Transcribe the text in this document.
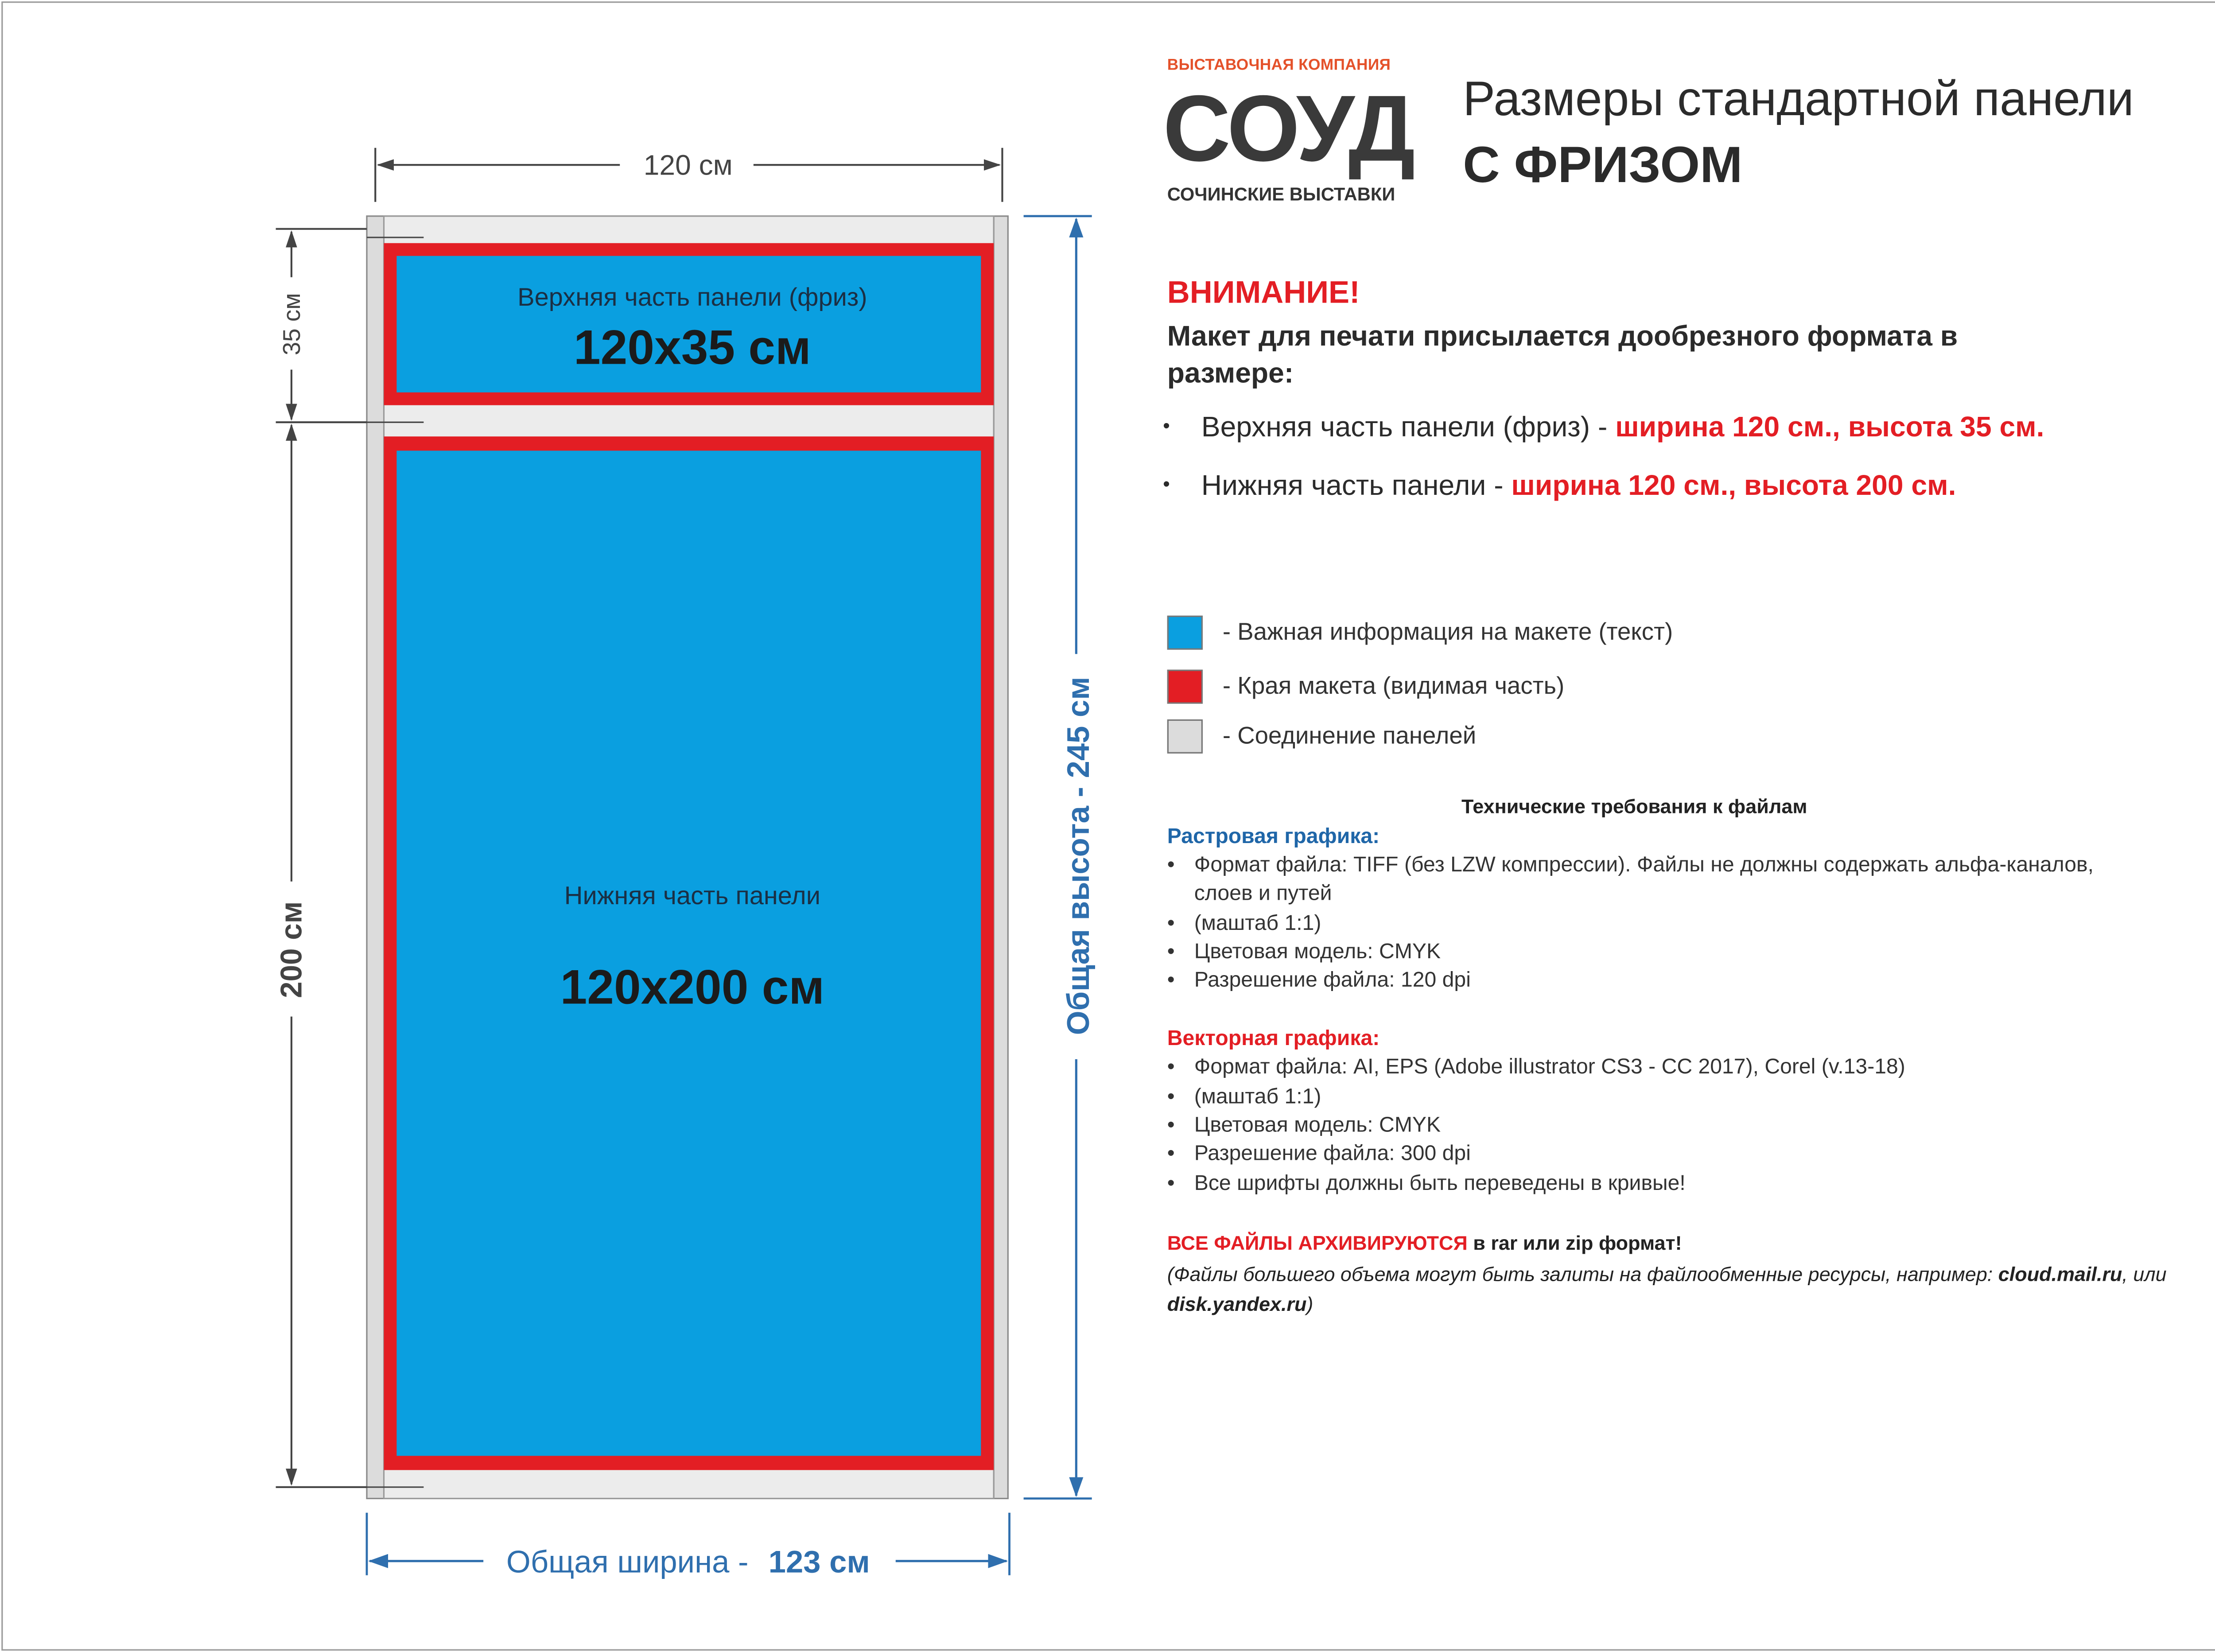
120 см
35 см
200 см	Общая высота - 245 см
Общая ширина - 123 см
Верхняя часть панели (фриз)
120x35 см
Нижняя часть панели
120x200 см
ВЫСТАВОЧНАЯ КОМПАНИЯ
СОУД
СОЧИНСКИЕ ВЫСТАВКИ
Размеры стандартной панели
С ФРИЗОМ
ВНИМАНИЕ!
Макет для печати присылается дообрезного формата в размере:
•	Верхняя часть панели (фриз) - ширина 120 см., высота 35 см.
•	Нижняя часть панели - ширина 120 см., высота 200 см.
- Важная информация на макете (текст)
- Края макета (видимая часть)
- Соединение панелей
Технические требования к файлам
Растровая графика:
•	Формат файла: TIFF (без LZW компрессии). Файлы не должны содержать альфа-каналов,
слоев и путей
•	(маштаб 1:1)
•	Цветовая модель: CMYK
•	Разрешение файла: 120 dpi
Векторная графика:
•	Формат файла: AI, EPS (Adobe illustrator CS3 - CC 2017), Corel (v.13-18)
•	(маштаб 1:1)
•	Цветовая модель: CMYK
•	Разрешение файла: 300 dpi
•	Все шрифты должны быть переведены в кривые!
ВСЕ ФАЙЛЫ АРХИВИРУЮТСЯ в rar или zip формат!
(Файлы большего объема могут быть залиты на файлообменные ресурсы, например: cloud.mail.ru, или disk.yandex.ru)
